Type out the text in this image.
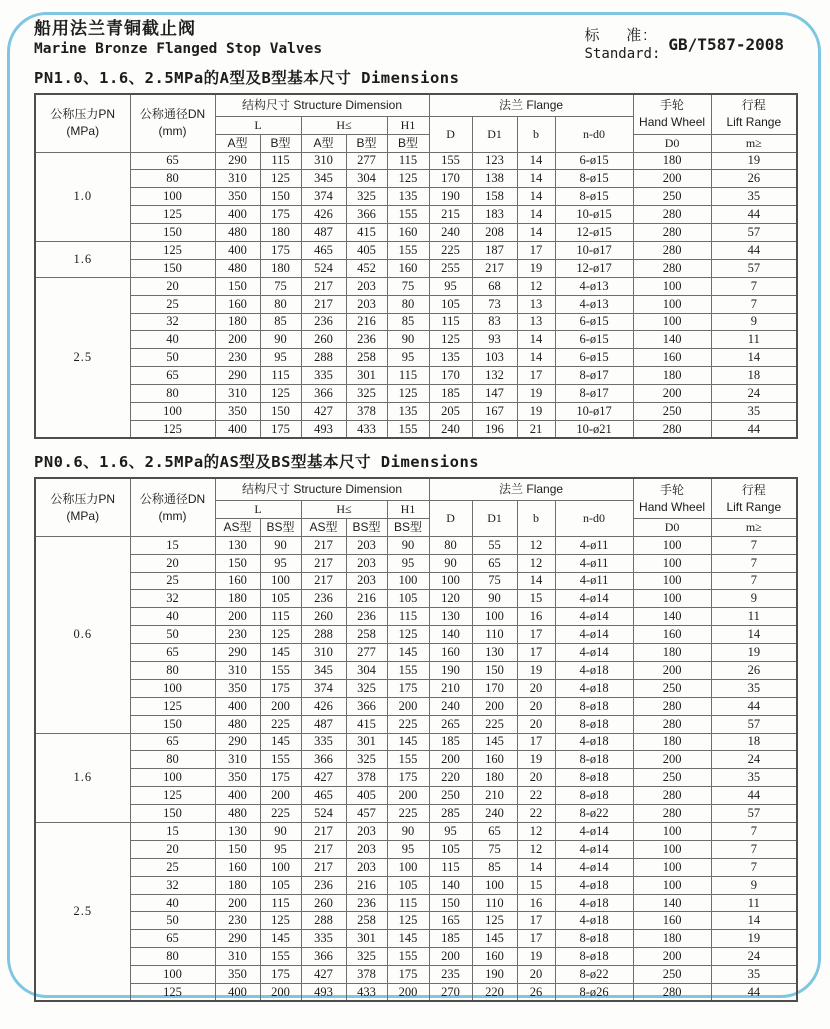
船用法兰青铜截止阀
Marine Bronze Flanged Stop Valves
标    准:
Standard: GB/T587-2008
PN1.0、1.6、2.5MPa的A型及B型基本尺寸 Dimensions
公称压力PN
(MPa)

公称通径DN
(mm)
	结构尺寸 Structure Dimension	法兰 Flange	手轮
Hand Wheel

行程
Lift Range

		L		H≤		H1	D	D1	b	n-d0		
		A型	B型	A型	B型	B型					D0	m≥
1.0	65	290	115	310	277	115	155	123	14	6-ø15	180	19
	80	310	125	345	304	125	170	138	14	8-ø15	200	26
	100	350	150	374	325	135	190	158	14	8-ø15	250	35
	125	400	175	426	366	155	215	183	14	10-ø15	280	44
	150	480	180	487	415	160	240	208	14	12-ø15	280	57
1.6	125	400	175	465	405	155	225	187	17	10-ø17	280	44
	150	480	180	524	452	160	255	217	19	12-ø17	280	57
2.5	20	150	75	217	203	75	95	68	12	4-ø13	100	7
	25	160	80	217	203	80	105	73	13	4-ø13	100	7
	32	180	85	236	216	85	115	83	13	6-ø15	100	9
	40	200	90	260	236	90	125	93	14	6-ø15	140	11
	50	230	95	288	258	95	135	103	14	6-ø15	160	14
	65	290	115	335	301	115	170	132	17	8-ø17	180	18
	80	310	125	366	325	125	185	147	19	8-ø17	200	24
	100	350	150	427	378	135	205	167	19	10-ø17	250	35
	125	400	175	493	433	155	240	196	21	10-ø21	280	44
PN0.6、1.6、2.5MPa的AS型及BS型基本尺寸 Dimensions
公称压力PN
(MPa)

公称通径DN
(mm)
	结构尺寸 Structure Dimension	法兰 Flange	手轮
Hand Wheel

行程
Lift Range

		L		H≤		H1	D	D1	b	n-d0		
		AS型	BS型	AS型	BS型	BS型					D0	m≥
0.6	15	130	90	217	203	90	80	55	12	4-ø11	100	7
	20	150	95	217	203	95	90	65	12	4-ø11	100	7
	25	160	100	217	203	100	100	75	14	4-ø11	100	7
	32	180	105	236	216	105	120	90	15	4-ø14	100	9
	40	200	115	260	236	115	130	100	16	4-ø14	140	11
	50	230	125	288	258	125	140	110	17	4-ø14	160	14
	65	290	145	310	277	145	160	130	17	4-ø14	180	19
	80	310	155	345	304	155	190	150	19	4-ø18	200	26
	100	350	175	374	325	175	210	170	20	4-ø18	250	35
	125	400	200	426	366	200	240	200	20	8-ø18	280	44
	150	480	225	487	415	225	265	225	20	8-ø18	280	57
1.6	65	290	145	335	301	145	185	145	17	4-ø18	180	18
	80	310	155	366	325	155	200	160	19	8-ø18	200	24
	100	350	175	427	378	175	220	180	20	8-ø18	250	35
	125	400	200	465	405	200	250	210	22	8-ø18	280	44
	150	480	225	524	457	225	285	240	22	8-ø22	280	57
2.5	15	130	90	217	203	90	95	65	12	4-ø14	100	7
	20	150	95	217	203	95	105	75	12	4-ø14	100	7
	25	160	100	217	203	100	115	85	14	4-ø14	100	7
	32	180	105	236	216	105	140	100	15	4-ø18	100	9
	40	200	115	260	236	115	150	110	16	4-ø18	140	11
	50	230	125	288	258	125	165	125	17	4-ø18	160	14
	65	290	145	335	301	145	185	145	17	8-ø18	180	19
	80	310	155	366	325	155	200	160	19	8-ø18	200	24
	100	350	175	427	378	175	235	190	20	8-ø22	250	35
	125	400	200	493	433	200	270	220	26	8-ø26	280	44
